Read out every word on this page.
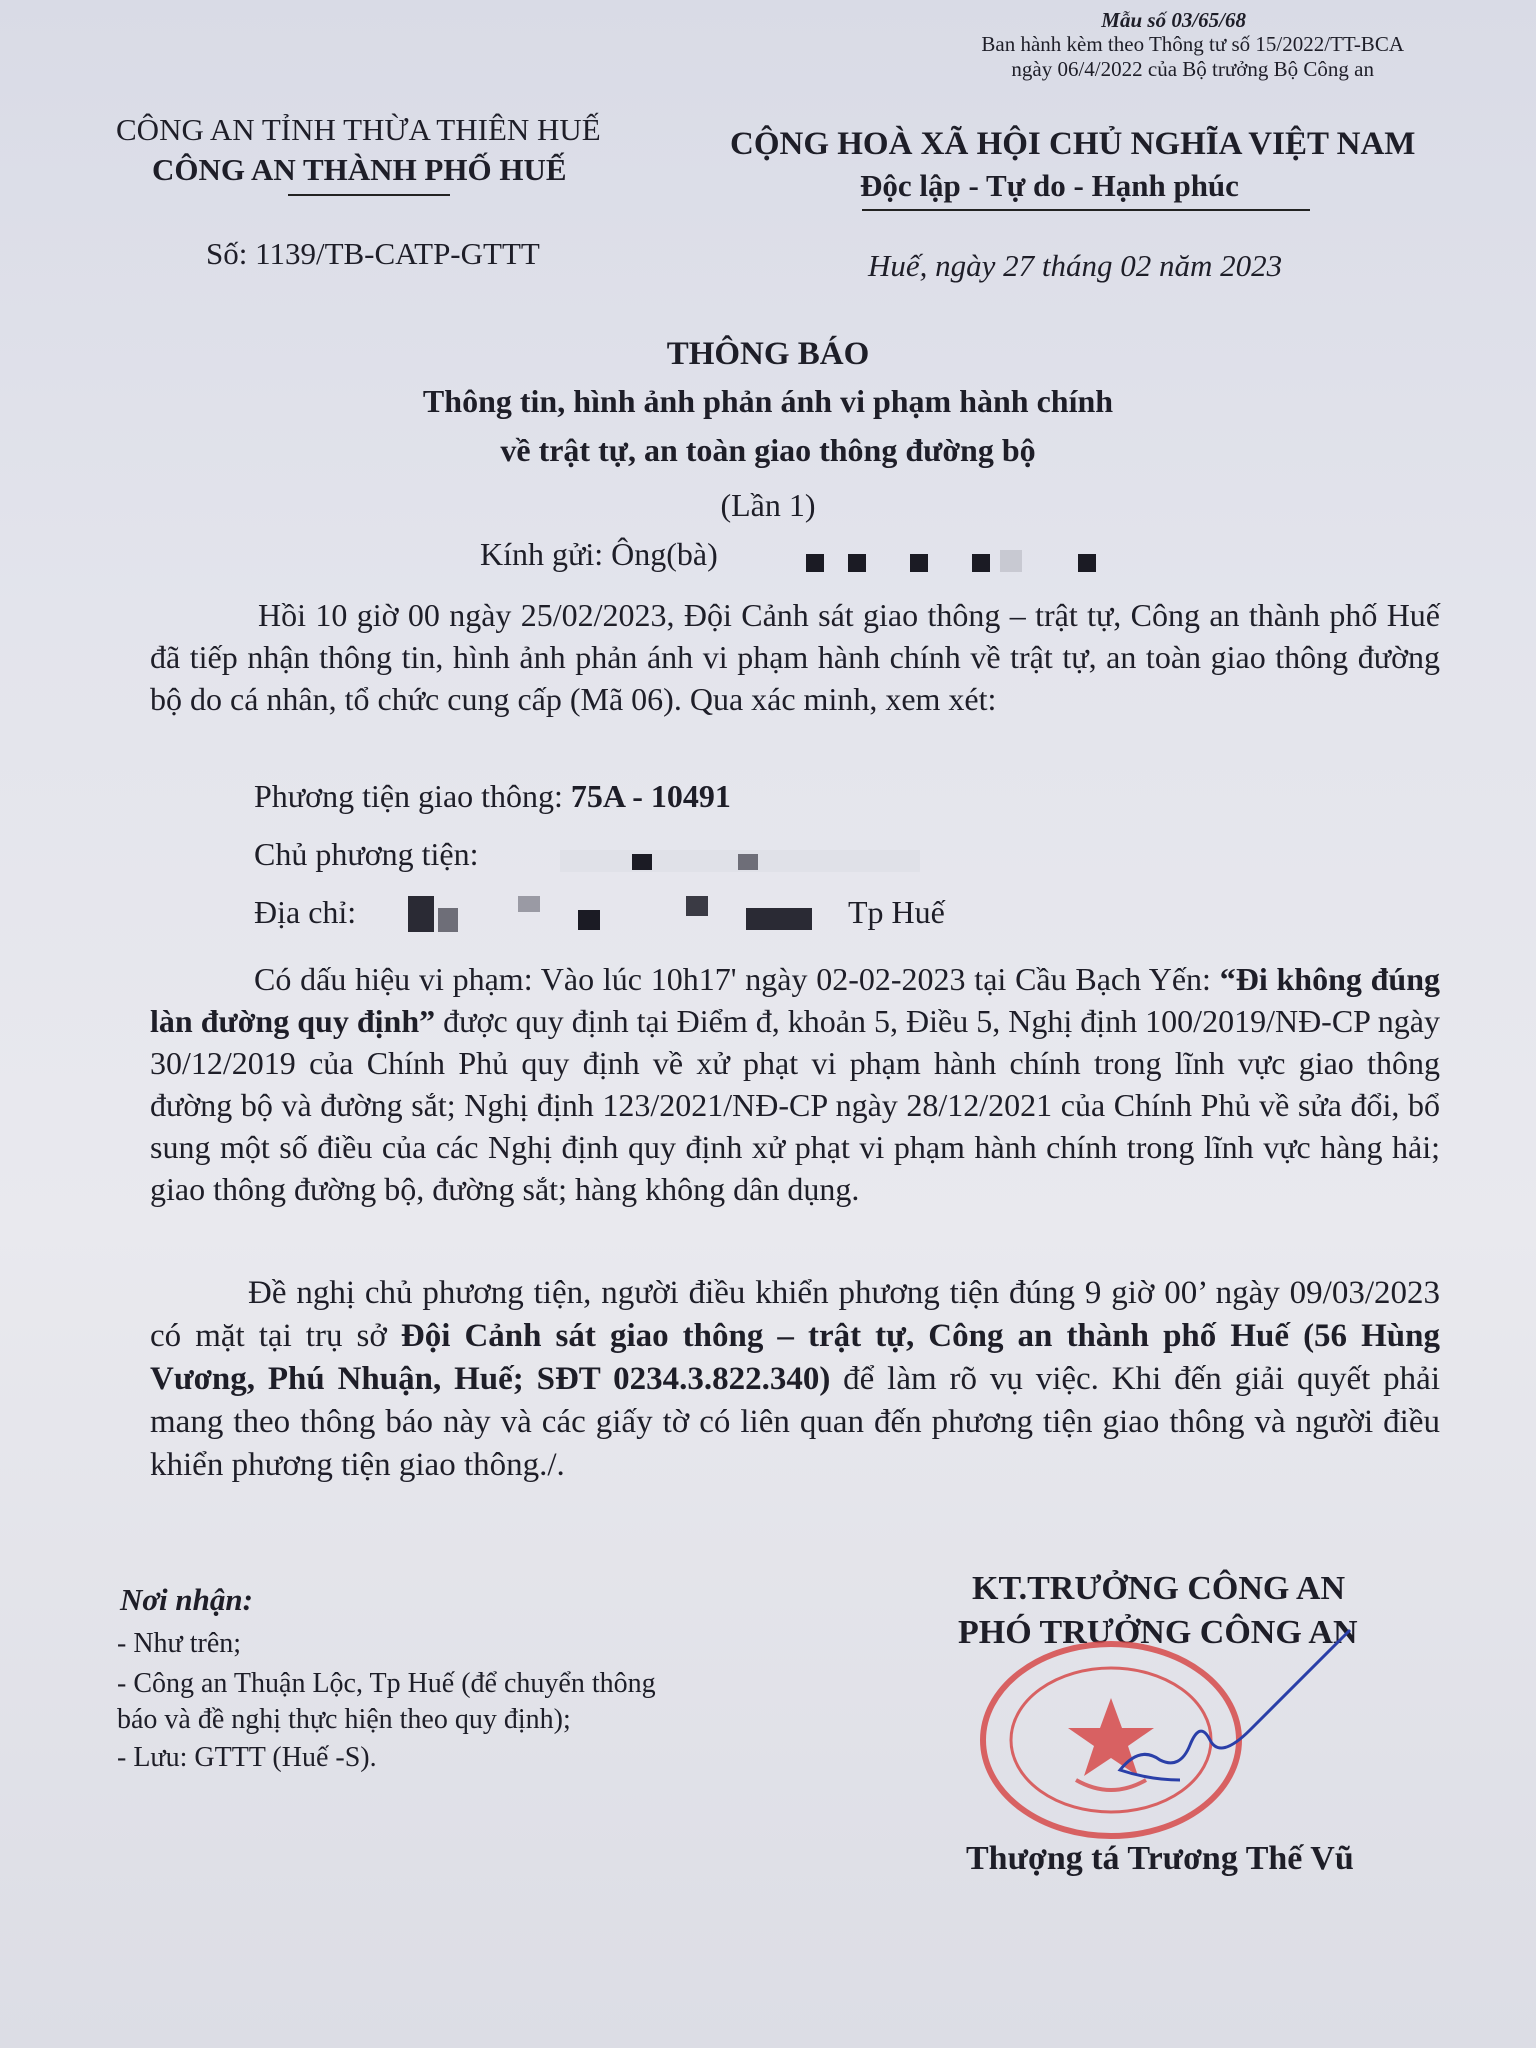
Mẫu số 03/65/68
Ban hành kèm theo Thông tư số 15/2022/TT-BCA
ngày 06/4/2022 của Bộ trưởng Bộ Công an
CÔNG AN TỈNH THỪA THIÊN HUẾ
CÔNG AN THÀNH PHỐ HUẾ
CỘNG HOÀ XÃ HỘI CHỦ NGHĨA VIỆT NAM
Độc lập - Tự do - Hạnh phúc
Số: 1139/TB-CATP-GTTT	Huế, ngày 27 tháng 02 năm 2023
THÔNG BÁO
Thông tin, hình ảnh phản ánh vi phạm hành chính
về trật tự, an toàn giao thông đường bộ
(Lần 1)
Kính gửi: Ông(bà)
Hồi 10 giờ 00 ngày 25/02/2023, Đội Cảnh sát giao thông – trật tự, Công an thành phố Huế đã tiếp nhận thông tin, hình ảnh phản ánh vi phạm hành chính về trật tự, an toàn giao thông đường bộ do cá nhân, tổ chức cung cấp (Mã 06). Qua xác minh, xem xét:
Phương tiện giao thông: 75A - 10491
Chủ phương tiện:
Địa chỉ:	Tp Huế
Có dấu hiệu vi phạm: Vào lúc 10h17' ngày 02-02-2023 tại Cầu Bạch Yến: “Đi không đúng làn đường quy định” được quy định tại Điểm đ, khoản 5, Điều 5, Nghị định 100/2019/NĐ-CP ngày 30/12/2019 của Chính Phủ quy định về xử phạt vi phạm hành chính trong lĩnh vực giao thông đường bộ và đường sắt; Nghị định 123/2021/NĐ-CP ngày 28/12/2021 của Chính Phủ về sửa đổi, bổ sung một số điều của các Nghị định quy định xử phạt vi phạm hành chính trong lĩnh vực hàng hải; giao thông đường bộ, đường sắt; hàng không dân dụng.
Đề nghị chủ phương tiện, người điều khiển phương tiện đúng 9 giờ 00’ ngày 09/03/2023 có mặt tại trụ sở Đội Cảnh sát giao thông – trật tự, Công an thành phố Huế (56 Hùng Vương, Phú Nhuận, Huế; SĐT 0234.3.822.340) để làm rõ vụ việc. Khi đến giải quyết phải mang theo thông báo này và các giấy tờ có liên quan đến phương tiện giao thông và người điều khiển phương tiện giao thông./.
Nơi nhận:
- Như trên;
- Công an Thuận Lộc, Tp Huế (để chuyển thông
báo và đề nghị thực hiện theo quy định);
- Lưu: GTTT (Huế -S).
KT.TRƯỞNG CÔNG AN
PHÓ TRƯỞNG CÔNG AN
Thượng tá Trương Thế Vũ
